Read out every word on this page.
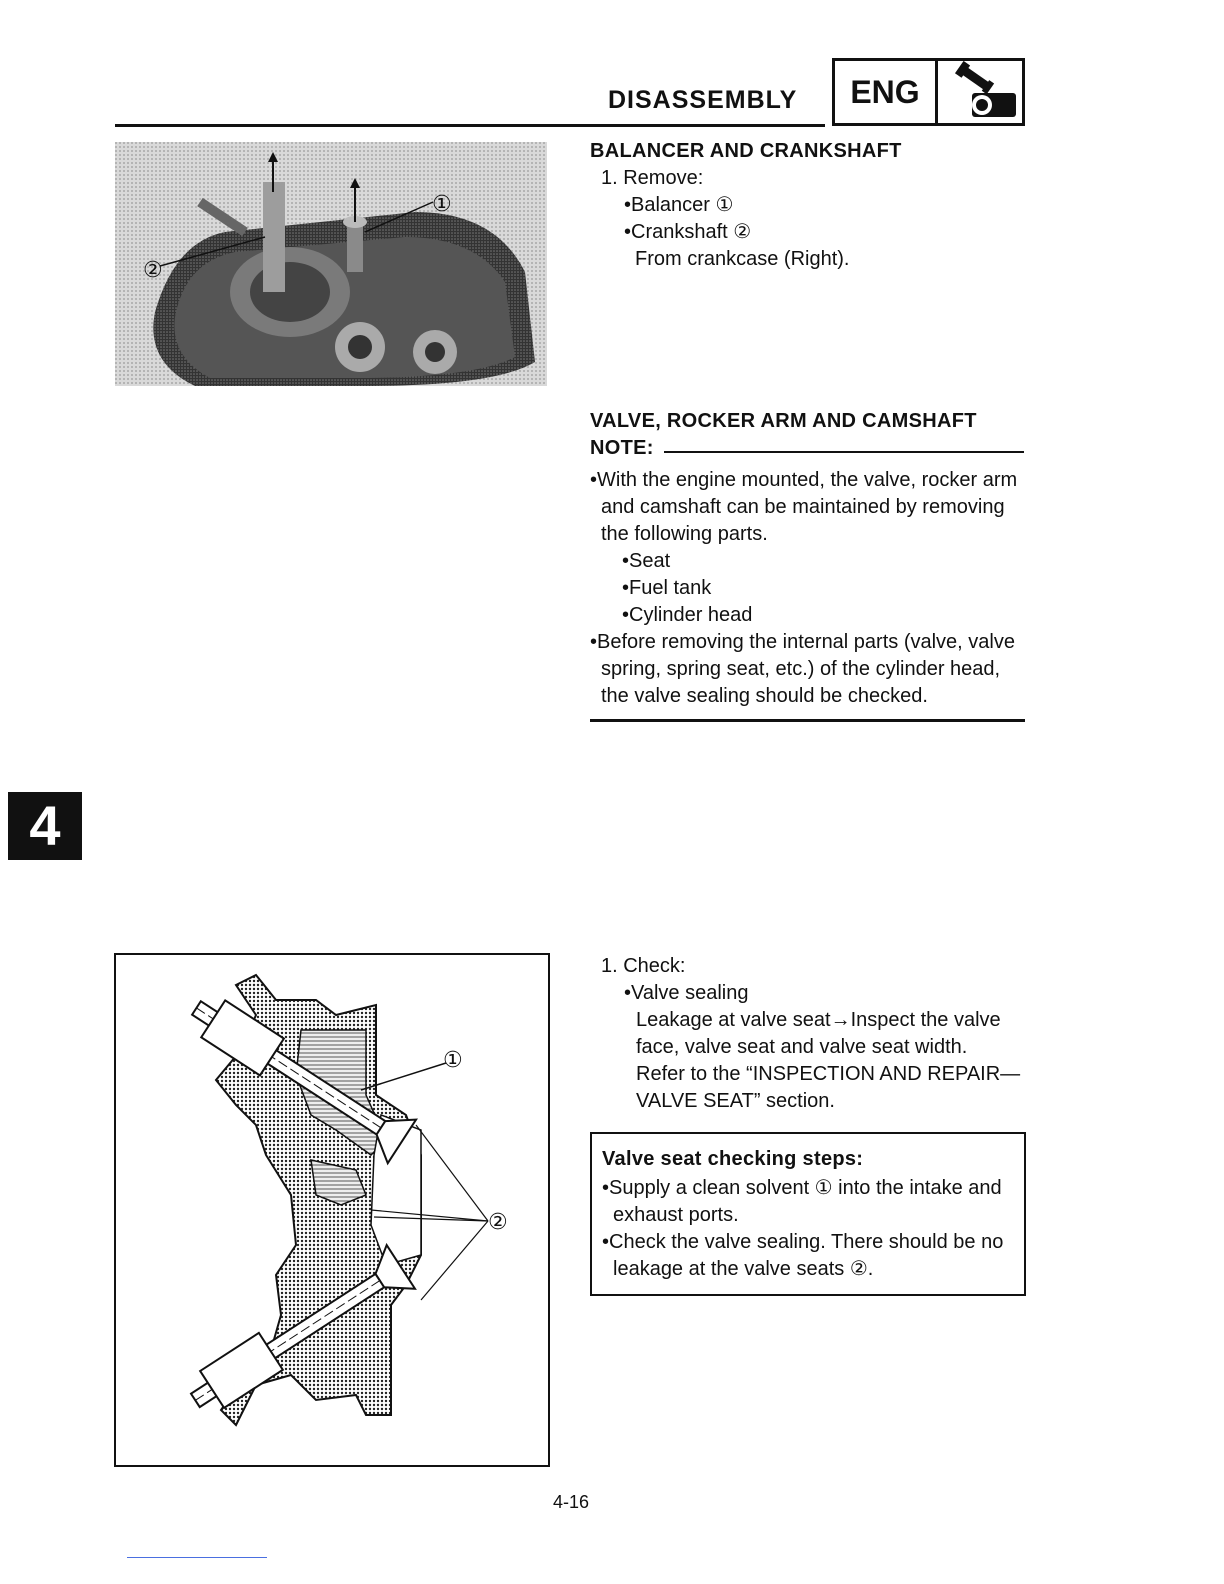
DISASSEMBLY	ENG
①
②
BALANCER AND CRANKSHAFT
1. Remove:
•Balancer ①
•Crankshaft ②
From crankcase (Right).
VALVE, ROCKER ARM AND CAMSHAFT
NOTE:
•With the engine mounted, the valve, rocker arm
and camshaft can be maintained by removing
the following parts.
•Seat
•Fuel tank
•Cylinder head
•Before removing the internal parts (valve, valve
spring, spring seat, etc.) of the cylinder head,
the valve sealing should be checked.
4
①
②
1. Check:
•Valve sealing
Leakage at valve seat→Inspect the valve
face, valve seat and valve seat width.
Refer to the “INSPECTION AND REPAIR—
VALVE SEAT” section.
Valve seat checking steps:
•Supply a clean solvent ① into the intake and
exhaust ports.
•Check the valve sealing. There should be no
leakage at the valve seats ②.
4-16
